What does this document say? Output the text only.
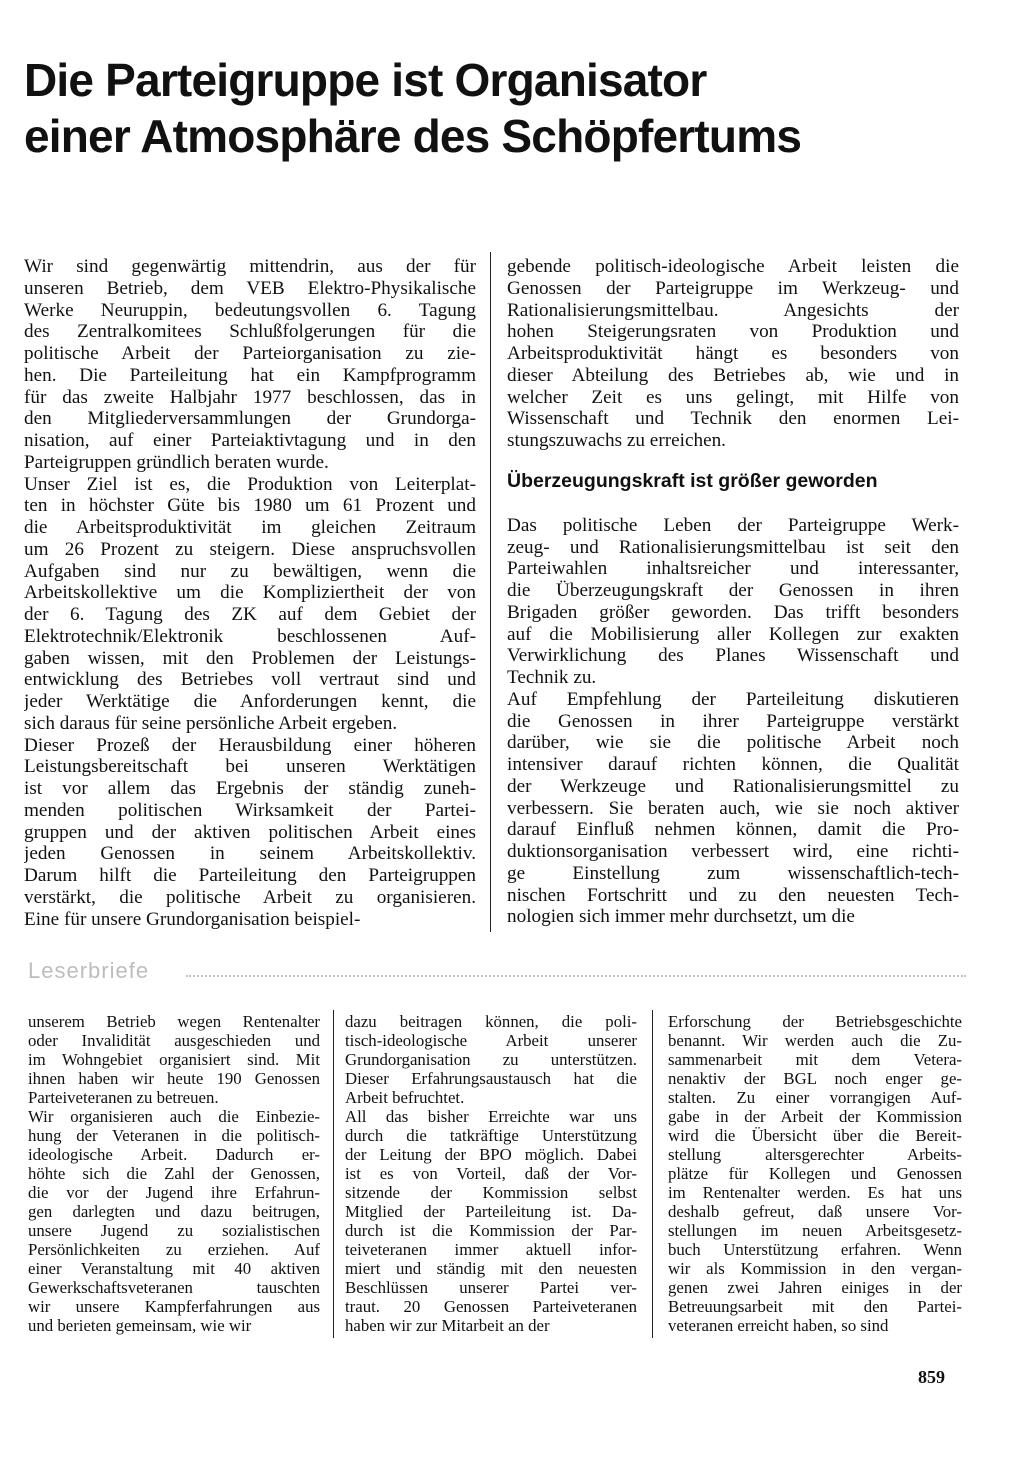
Die Parteigruppe ist Organisator
einer Atmosphäre des Schöpfertums

Wir sind gegenwärtig mittendrin, aus der für
unseren Betrieb, dem VEB Elektro-Physikalische
Werke Neuruppin, bedeutungsvollen 6. Tagung
des Zentralkomitees Schlußfolgerungen für die
politische Arbeit der Parteiorganisation zu zie-
hen. Die Parteileitung hat ein Kampfprogramm
für das zweite Halbjahr 1977 beschlossen, das in
den Mitgliederversammlungen der Grundorga-
nisation, auf einer Parteiaktivtagung und in den
Parteigruppen gründlich beraten wurde.
Unser Ziel ist es, die Produktion von Leiterplat-
ten in höchster Güte bis 1980 um 61 Prozent und
die Arbeitsproduktivität im gleichen Zeitraum
um 26 Prozent zu steigern. Diese anspruchsvollen
Aufgaben sind nur zu bewältigen, wenn die
Arbeitskollektive um die Kompliziertheit der von
der 6. Tagung des ZK auf dem Gebiet der
Elektrotechnik/Elektronik beschlossenen Auf-
gaben wissen, mit den Problemen der Leistungs-
entwicklung des Betriebes voll vertraut sind und
jeder Werktätige die Anforderungen kennt, die
sich daraus für seine persönliche Arbeit ergeben.
Dieser Prozeß der Herausbildung einer höheren
Leistungsbereitschaft bei unseren Werktätigen
ist vor allem das Ergebnis der ständig zuneh-
menden politischen Wirksamkeit der Partei-
gruppen und der aktiven politischen Arbeit eines
jeden Genossen in seinem Arbeitskollektiv.
Darum hilft die Parteileitung den Parteigruppen
verstärkt, die politische Arbeit zu organisieren.
Eine für unsere Grundorganisation beispiel-

gebende politisch-ideologische Arbeit leisten die
Genossen der Parteigruppe im Werkzeug- und
Rationalisierungsmittelbau. Angesichts der
hohen Steigerungsraten von Produktion und
Arbeitsproduktivität hängt es besonders von
dieser Abteilung des Betriebes ab, wie und in
welcher Zeit es uns gelingt, mit Hilfe von
Wissenschaft und Technik den enormen Lei-
stungszuwachs zu erreichen.

Überzeugungskraft ist größer geworden

Das politische Leben der Parteigruppe Werk-
zeug- und Rationalisierungsmittelbau ist seit den
Parteiwahlen inhaltsreicher und interessanter,
die Überzeugungskraft der Genossen in ihren
Brigaden größer geworden. Das trifft besonders
auf die Mobilisierung aller Kollegen zur exakten
Verwirklichung des Planes Wissenschaft und
Technik zu.
Auf Empfehlung der Parteileitung diskutieren
die Genossen in ihrer Parteigruppe verstärkt
darüber, wie sie die politische Arbeit noch
intensiver darauf richten können, die Qualität
der Werkzeuge und Rationalisierungsmittel zu
verbessern. Sie beraten auch, wie sie noch aktiver
darauf Einfluß nehmen können, damit die Pro-
duktionsorganisation verbessert wird, eine richti-
ge Einstellung zum wissenschaftlich-tech-
nischen Fortschritt und zu den neuesten Tech-
nologien sich immer mehr durchsetzt, um die

Leserbriefe

unserem Betrieb wegen Rentenalter
oder Invalidität ausgeschieden und
im Wohngebiet organisiert sind. Mit
ihnen haben wir heute 190 Genossen
Parteiveteranen zu betreuen.
Wir organisieren auch die Einbezie-
hung der Veteranen in die politisch-
ideologische Arbeit. Dadurch er-
höhte sich die Zahl der Genossen,
die vor der Jugend ihre Erfahrun-
gen darlegten und dazu beitrugen,
unsere Jugend zu sozialistischen
Persönlichkeiten zu erziehen. Auf
einer Veranstaltung mit 40 aktiven
Gewerkschaftsveteranen tauschten
wir unsere Kampferfahrungen aus
und berieten gemeinsam, wie wir

dazu beitragen können, die poli-
tisch-ideologische Arbeit unserer
Grundorganisation zu unterstützen.
Dieser Erfahrungsaustausch hat die
Arbeit befruchtet.
All das bisher Erreichte war uns
durch die tatkräftige Unterstützung
der Leitung der BPO möglich. Dabei
ist es von Vorteil, daß der Vor-
sitzende der Kommission selbst
Mitglied der Parteileitung ist. Da-
durch ist die Kommission der Par-
teiveteranen immer aktuell infor-
miert und ständig mit den neuesten
Beschlüssen unserer Partei ver-
traut. 20 Genossen Parteiveteranen
haben wir zur Mitarbeit an der

Erforschung der Betriebsgeschichte
benannt. Wir werden auch die Zu-
sammenarbeit mit dem Vetera-
nenaktiv der BGL noch enger ge-
stalten. Zu einer vorrangigen Auf-
gabe in der Arbeit der Kommission
wird die Übersicht über die Bereit-
stellung altersgerechter Arbeits-
plätze für Kollegen und Genossen
im Rentenalter werden. Es hat uns
deshalb gefreut, daß unsere Vor-
stellungen im neuen Arbeitsgesetz-
buch Unterstützung erfahren. Wenn
wir als Kommission in den vergan-
genen zwei Jahren einiges in der
Betreuungsarbeit mit den Partei-
veteranen erreicht haben, so sind

859
